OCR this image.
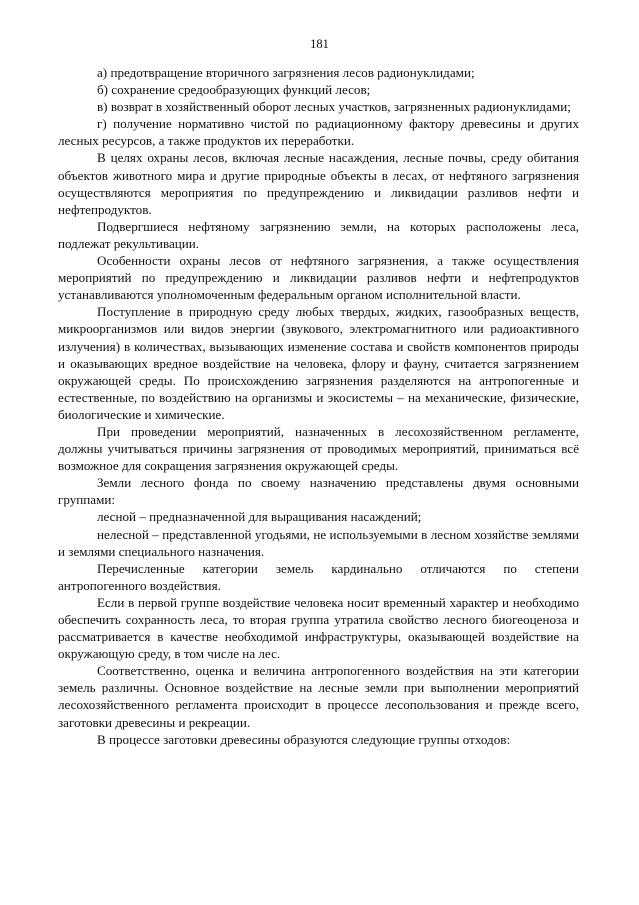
181

а) предотвращение вторичного загрязнения лесов радионуклидами;

б) сохранение средообразующих функций лесов;

в) возврат в хозяйственный оборот лесных участков, загрязненных радионуклидами;

г) получение нормативно чистой по радиационному фактору древесины и других лесных ресурсов, а также продуктов их переработки.

В целях охраны лесов, включая лесные насаждения, лесные почвы, среду обитания объектов животного мира и другие природные объекты в лесах, от нефтяного загрязнения осуществляются мероприятия по предупреждению и ликвидации разливов нефти и нефтепродуктов.

Подвергшиеся нефтяному загрязнению земли, на которых расположены леса, подлежат рекультивации.

Особенности охраны лесов от нефтяного загрязнения, а также осуществления мероприятий по предупреждению и ликвидации разливов нефти и нефтепродуктов устанавливаются уполномоченным федеральным органом исполнительной власти.

Поступление в природную среду любых твердых, жидких, газообразных веществ, микроорганизмов или видов энергии (звукового, электромагнитного или радиоактивного излучения) в количествах, вызывающих изменение состава и свойств компонентов природы и оказывающих вредное воздействие на человека, флору и фауну, считается загрязнением окружающей среды. По происхождению загрязнения разделяются на антропогенные и естественные, по воздействию на организмы и экосистемы – на механические, физические, биологические и химические.

При проведении мероприятий, назначенных в лесохозяйственном регламенте, должны учитываться причины загрязнения от проводимых мероприятий, приниматься всё возможное для сокращения загрязнения окружающей среды.

Земли лесного фонда по своему назначению представлены двумя основными группами:

лесной – предназначенной для выращивания насаждений;

нелесной – представленной угодьями, не используемыми в лесном хозяйстве землями и землями специального назначения.

Перечисленные категории земель кардинально отличаются по степени антропогенного воздействия.

Если в первой группе воздействие человека носит временный характер и необходимо обеспечить сохранность леса, то вторая группа утратила свойство лесного биогеоценоза и рассматривается в качестве необходимой инфраструктуры, оказывающей воздействие на окружающую среду, в том числе на лес.

Соответственно, оценка и величина антропогенного воздействия на эти категории земель различны. Основное воздействие на лесные земли при выполнении мероприятий лесохозяйственного регламента происходит в процессе лесопользования и прежде всего, заготовки древесины и рекреации.

В процессе заготовки древесины образуются следующие группы отходов:
